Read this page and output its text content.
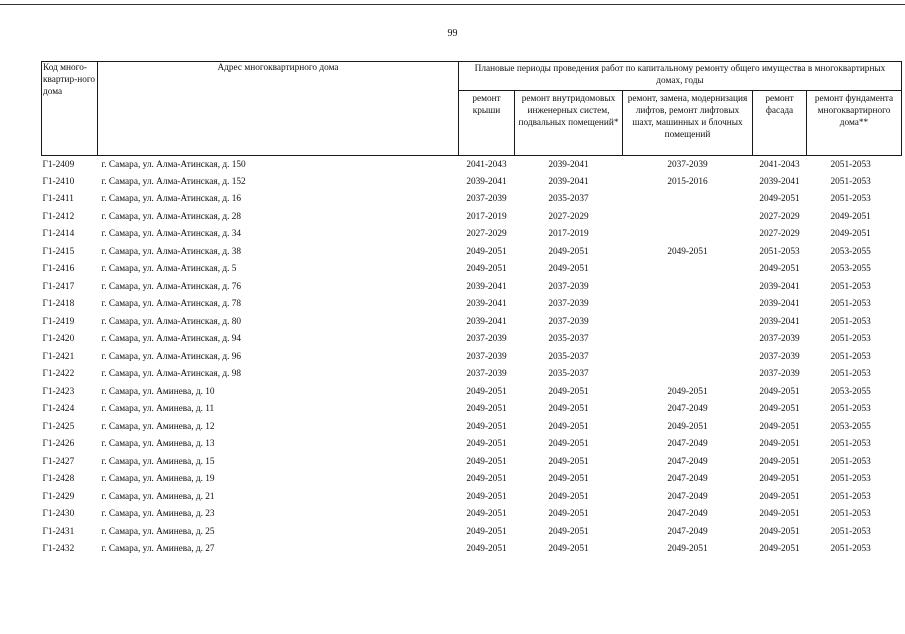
99
Код много-квартир-ного дома	Адрес многоквартирного дома	Плановые периоды проведения работ по капитальному ремонту общего имущества в многоквартирных домах, годы				
		ремонт крыши	ремонт внутридомовых инженерных систем, подвальных помещений*	ремонт, замена, модернизация лифтов, ремонт лифтовых шахт, машинных и блочных помещений	ремонт фасада	ремонт фундамента многоквартирного дома**
Г1-2409	г. Самара, ул. Алма-Атинская, д. 150	2041-2043	2039-2041	2037-2039	2041-2043	2051-2053
Г1-2410	г. Самара, ул. Алма-Атинская, д. 152	2039-2041	2039-2041	2015-2016	2039-2041	2051-2053
Г1-2411	г. Самара, ул. Алма-Атинская, д. 16	2037-2039	2035-2037		2049-2051	2051-2053
Г1-2412	г. Самара, ул. Алма-Атинская, д. 28	2017-2019	2027-2029		2027-2029	2049-2051
Г1-2414	г. Самара, ул. Алма-Атинская, д. 34	2027-2029	2017-2019		2027-2029	2049-2051
Г1-2415	г. Самара, ул. Алма-Атинская, д. 38	2049-2051	2049-2051	2049-2051	2051-2053	2053-2055
Г1-2416	г. Самара, ул. Алма-Атинская, д. 5	2049-2051	2049-2051		2049-2051	2053-2055
Г1-2417	г. Самара, ул. Алма-Атинская, д. 76	2039-2041	2037-2039		2039-2041	2051-2053
Г1-2418	г. Самара, ул. Алма-Атинская, д. 78	2039-2041	2037-2039		2039-2041	2051-2053
Г1-2419	г. Самара, ул. Алма-Атинская, д. 80	2039-2041	2037-2039		2039-2041	2051-2053
Г1-2420	г. Самара, ул. Алма-Атинская, д. 94	2037-2039	2035-2037		2037-2039	2051-2053
Г1-2421	г. Самара, ул. Алма-Атинская, д. 96	2037-2039	2035-2037		2037-2039	2051-2053
Г1-2422	г. Самара, ул. Алма-Атинская, д. 98	2037-2039	2035-2037		2037-2039	2051-2053
Г1-2423	г. Самара, ул. Аминева, д. 10	2049-2051	2049-2051	2049-2051	2049-2051	2053-2055
Г1-2424	г. Самара, ул. Аминева, д. 11	2049-2051	2049-2051	2047-2049	2049-2051	2051-2053
Г1-2425	г. Самара, ул. Аминева, д. 12	2049-2051	2049-2051	2049-2051	2049-2051	2053-2055
Г1-2426	г. Самара, ул. Аминева, д. 13	2049-2051	2049-2051	2047-2049	2049-2051	2051-2053
Г1-2427	г. Самара, ул. Аминева, д. 15	2049-2051	2049-2051	2047-2049	2049-2051	2051-2053
Г1-2428	г. Самара, ул. Аминева, д. 19	2049-2051	2049-2051	2047-2049	2049-2051	2051-2053
Г1-2429	г. Самара, ул. Аминева, д. 21	2049-2051	2049-2051	2047-2049	2049-2051	2051-2053
Г1-2430	г. Самара, ул. Аминева, д. 23	2049-2051	2049-2051	2047-2049	2049-2051	2051-2053
Г1-2431	г. Самара, ул. Аминева, д. 25	2049-2051	2049-2051	2047-2049	2049-2051	2051-2053
Г1-2432	г. Самара, ул. Аминева, д. 27	2049-2051	2049-2051	2049-2051	2049-2051	2051-2053
